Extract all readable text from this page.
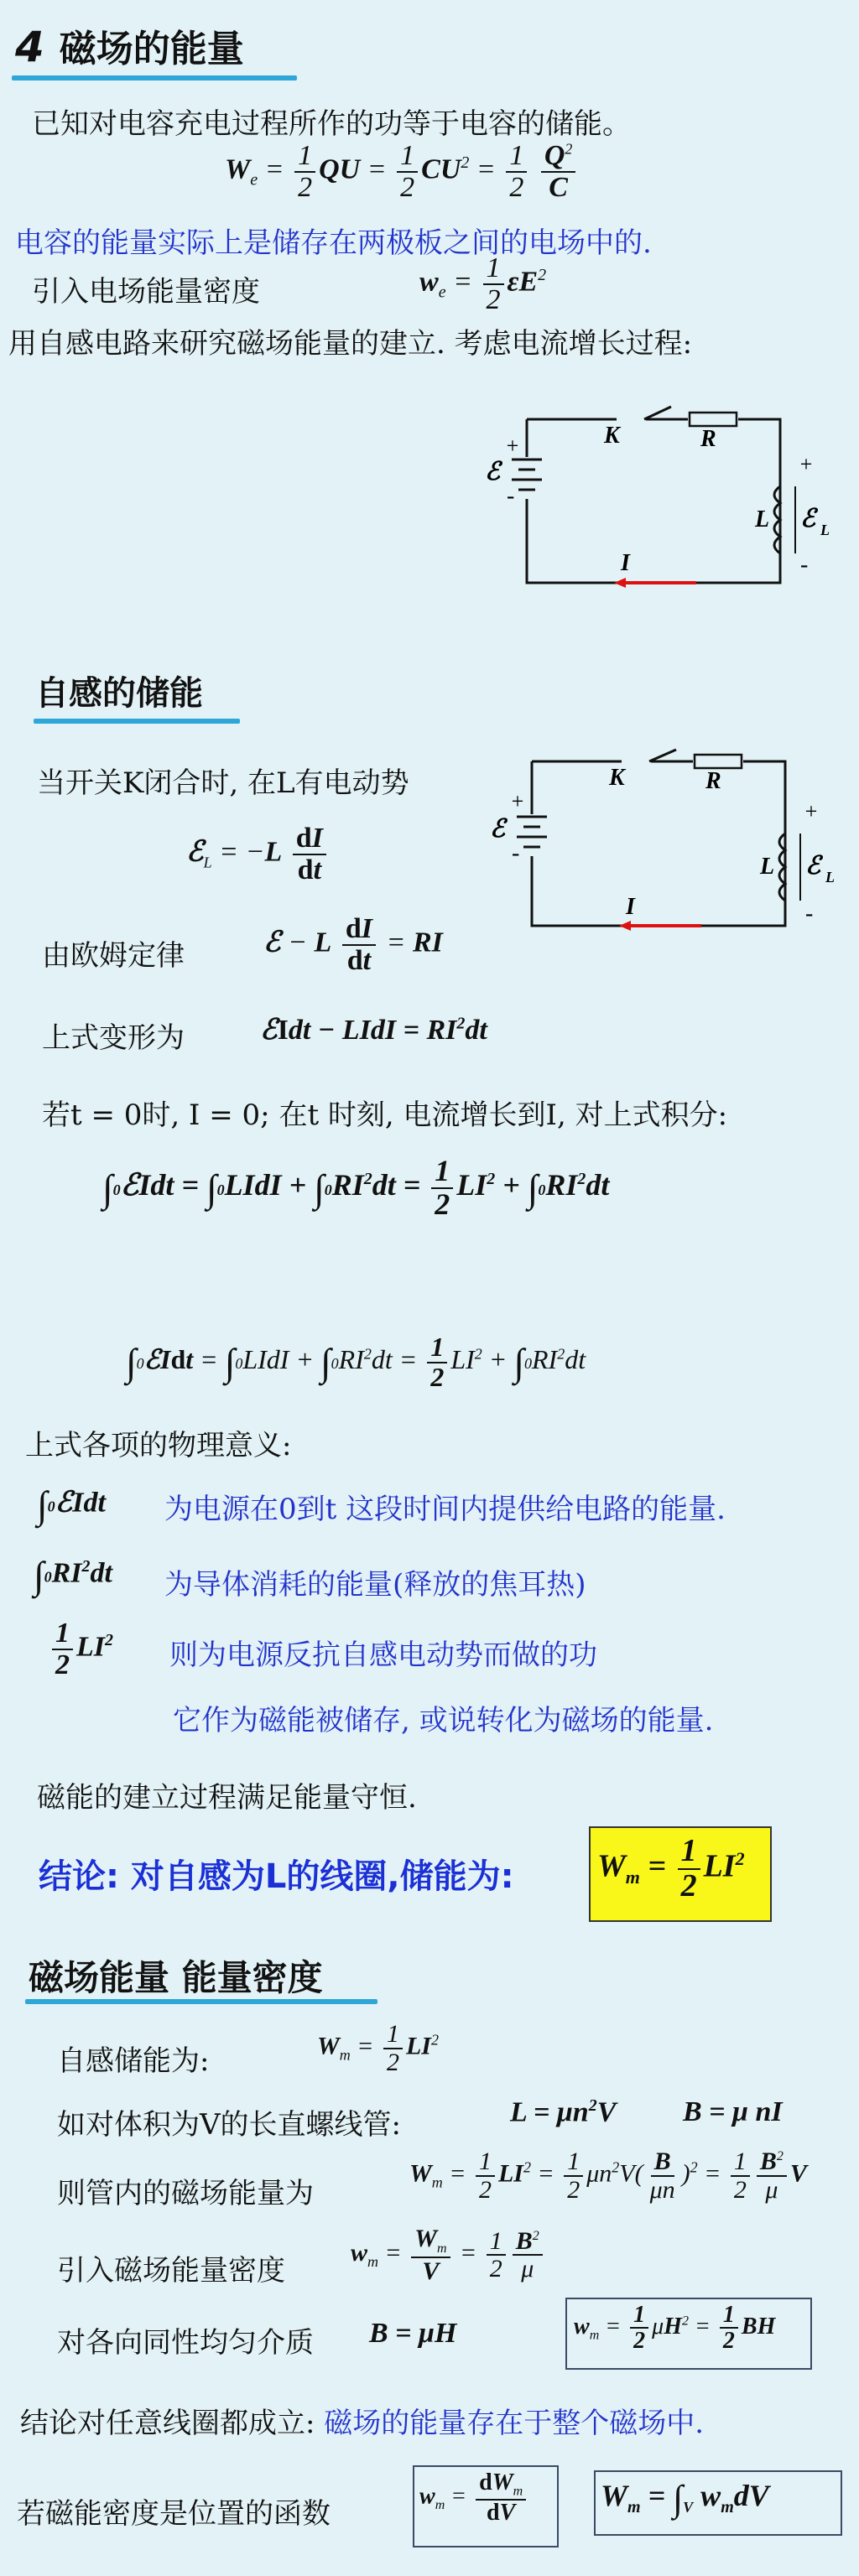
4 磁场的能量
已知对电容充电过程所作的功等于电容的储能。
$W_e = \frac{1}{2}$ QU = $\frac{1}{2} CU^2 = \frac{1}{2}$
$\frac{Q^2}{C}$
电容的能量实际上是储存在两极板之间的电场中的.
引入电场能量密度	$w_e = \frac{1}{2} \varepsilon E^2$
用自感电路来研究磁场能量的建立. 考虑电流增长过程:
+
-
ℰ
K	R
L
+
-
ℰ L
I
自感的储能
当开关K闭合时, 在L有电动势
ℰ$_L$ = $-L \frac{dI}{dt}$
+
-
ℰ
K	R
L
+
-
ℰ L
I
由欧姆定律	ℰ − L $\frac{dI}{dt}$ = RI
上式变形为	ℰIdt − LIdI = $RI^2dt$
若t = 0时, I = 0; 在t 时刻, 电流增长到I, 对上式积分:
∫0ℰIdt = ∫0LIdI + $\int 0RI^2dt = \frac{1}{2} LI^2 + \int 0RI^2dt$
∫0ℰIdt = ∫0LIdI + $\int 0RI^2dt = \frac{1}{2} LI^2 + \int 0RI^2dt$
上式各项的物理意义:
∫0ℰIdt 为电源在0到t 这段时间内提供给电路的能量.
$\int 0RI^2dt$ 为导体消耗的能量(释放的焦耳热)
$\frac{1}{2} LI^2$ 则为电源反抗自感电动势而做的功
它作为磁能被储存, 或说转化为磁场的能量.
磁能的建立过程满足能量守恒.
结论: 对自感为L的线圈,储能为:	$W_m = \frac{1}{2} LI^2$
磁场能量 能量密度
自感储能为:	$W_m = \frac{1}{2} LI^2$
如对体积为V的长直螺线管:	$L = \mu n^2V$ B = μ nI
则管内的磁场能量为
$W_m = \frac{1}{2} LI^2 = \frac{1}{2} \mu n^2V( \frac{B}{\mu n} )^2 = \frac{1}{2} \frac{B^2}{\mu}$ V
引入磁场能量密度
$w_m = \frac{W_m}{V} = \frac{1}{2} \frac{B^2}{\mu}$
对各向同性均匀介质 B = μH	$w_m = \frac{1}{2} \mu H^2 = \frac{1}{2}$ BH
结论对任意线圈都成立: 磁场的能量存在于整个磁场中.
若磁能密度是位置的函数
$w_m = \frac{dW_m}{dV} W_m = \int_V$ $w_mdV$
